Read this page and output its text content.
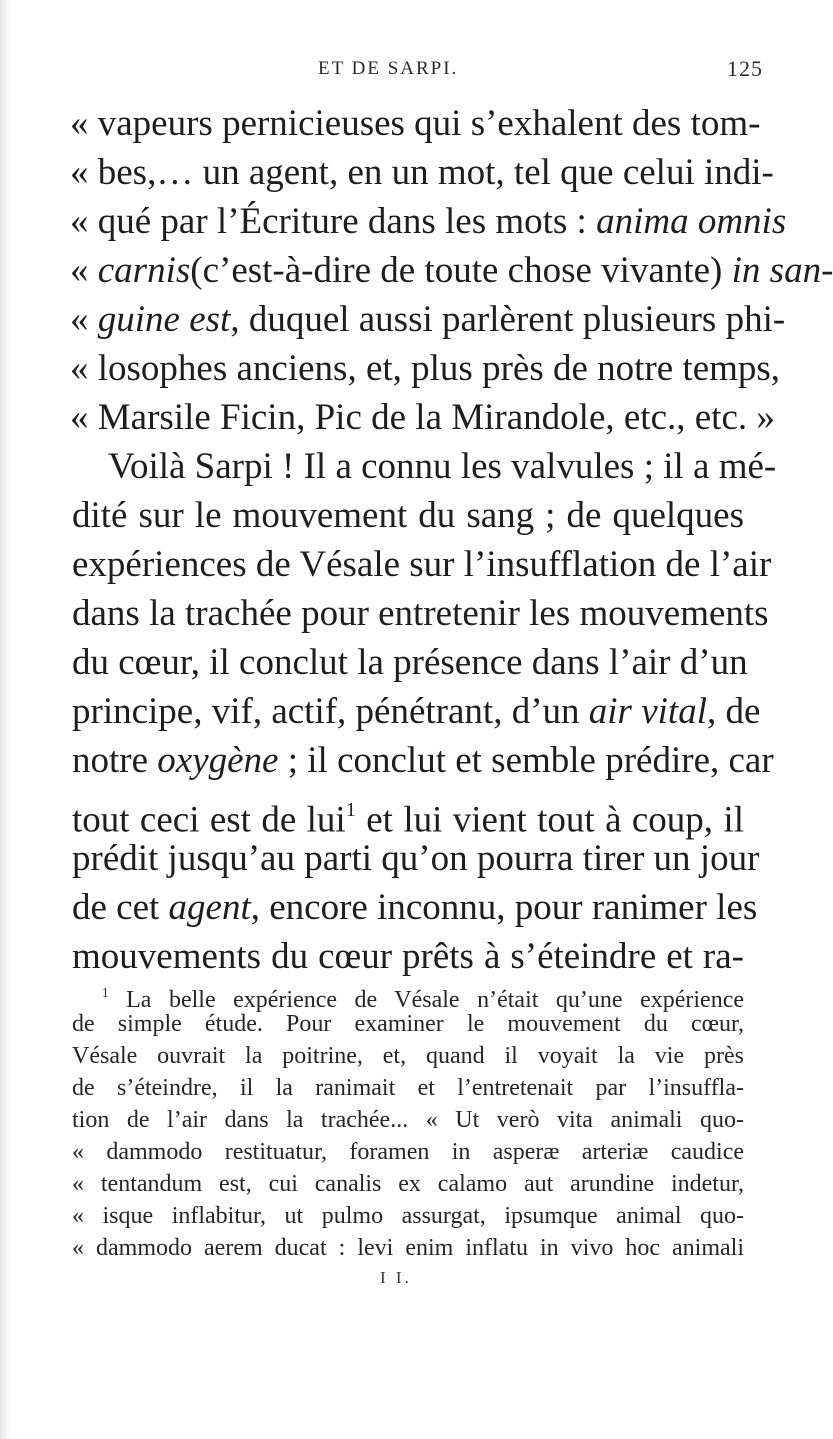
ET DE SARPI.	125
« vapeurs pernicieuses qui s’exhalent des tom-
« bes,… un agent, en un mot, tel que celui indi-
« qué par l’Écriture dans les mots : anima omnis
« carnis(c’est-à-dire de toute chose vivante) in san-
« guine est, duquel aussi parlèrent plusieurs phi-
« losophes anciens, et, plus près de notre temps,
« Marsile Ficin, Pic de la Mirandole, etc., etc. »
Voilà Sarpi ! Il a connu les valvules ; il a mé-
dité sur le mouvement du sang ; de quelques
expériences de Vésale sur l’insufflation de l’air
dans la trachée pour entretenir les mouvements
du cœur, il conclut la présence dans l’air d’un
principe, vif, actif, pénétrant, d’un air vital, de
notre oxygène ; il conclut et semble prédire, car
tout ceci est de lui$^1$ et lui vient tout à coup, il
prédit jusqu’au parti qu’on pourra tirer un jour
de cet agent, encore inconnu, pour ranimer les
mouvements du cœur prêts à s’éteindre et ra-
$^1$ La belle expérience de Vésale n’était qu’une expérience
de simple étude. Pour examiner le mouvement du cœur,
Vésale ouvrait la poitrine, et, quand il voyait la vie près
de s’éteindre, il la ranimait et l’entretenait par l’insuffla-
tion de l’air dans la trachée... « Ut verò vita animali quo-
« dammodo restituatur, foramen in asperæ arteriæ caudice
« tentandum est, cui canalis ex calamo aut arundine indetur,
« isque inflabitur, ut pulmo assurgat, ipsumque animal quo-
« dammodo aerem ducat : levi enim inflatu in vivo hoc animali
I I.
